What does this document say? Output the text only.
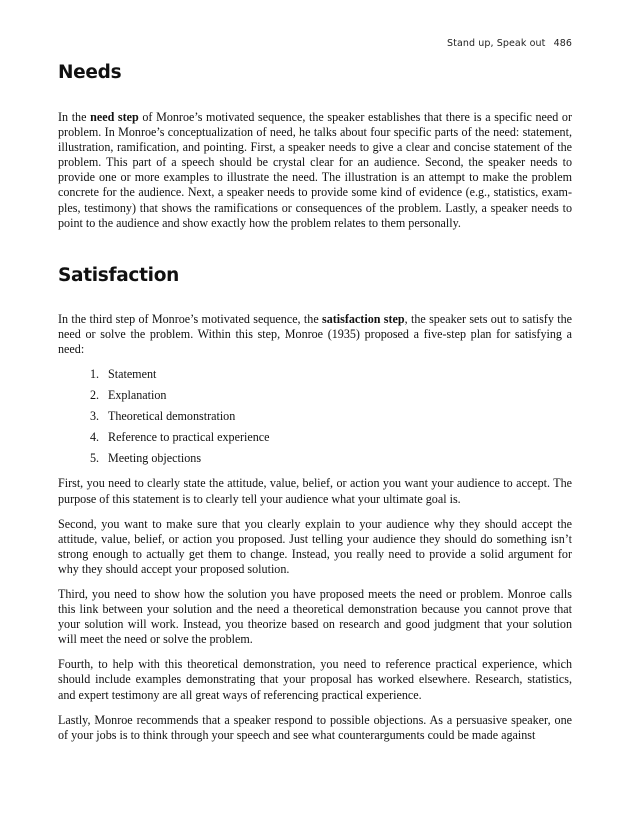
Stand up, Speak out 486
Needs

In the need step of Monroe’s motivated sequence, the speaker establishes that there is a specific need or problem. In Monroe’s conceptualization of need, he talks about four specific parts of the need: statement, illustration, ramification, and pointing. First, a speaker needs to give a clear and concise statement of the problem. This part of a speech should be crystal clear for an audience. Second, the speaker needs to provide one or more examples to illustrate the need. The illustration is an attempt to make the problem concrete for the audience. Next, a speaker needs to provide some kind of evidence (e.g., statistics, examples, testimony) that shows the ramifications or consequences of the problem. Lastly, a speaker needs to point to the audience and show exactly how the problem relates to them personally.

Satisfaction

In the third step of Monroe’s motivated sequence, the satisfaction step, the speaker sets out to satisfy the need or solve the problem. Within this step, Monroe (1935) proposed a five-step plan for satisfying a need:

1. Statement
2. Explanation
3. Theoretical demonstration
4. Reference to practical experience
5. Meeting objections

First, you need to clearly state the attitude, value, belief, or action you want your audience to accept. The purpose of this statement is to clearly tell your audience what your ultimate goal is.

Second, you want to make sure that you clearly explain to your audience why they should accept the attitude, value, belief, or action you proposed. Just telling your audience they should do something isn’t strong enough to actually get them to change. Instead, you really need to provide a solid argument for why they should accept your proposed solution.

Third, you need to show how the solution you have proposed meets the need or problem. Monroe calls this link between your solution and the need a theoretical demonstration because you cannot prove that your solution will work. Instead, you theorize based on research and good judgment that your solution will meet the need or solve the problem.

Fourth, to help with this theoretical demonstration, you need to reference practical experience, which should include examples demonstrating that your proposal has worked elsewhere. Research, statistics, and expert testimony are all great ways of referencing practical experience.

Lastly, Monroe recommends that a speaker respond to possible objections. As a persuasive speaker, one of your jobs is to think through your speech and see what counterarguments could be made against
